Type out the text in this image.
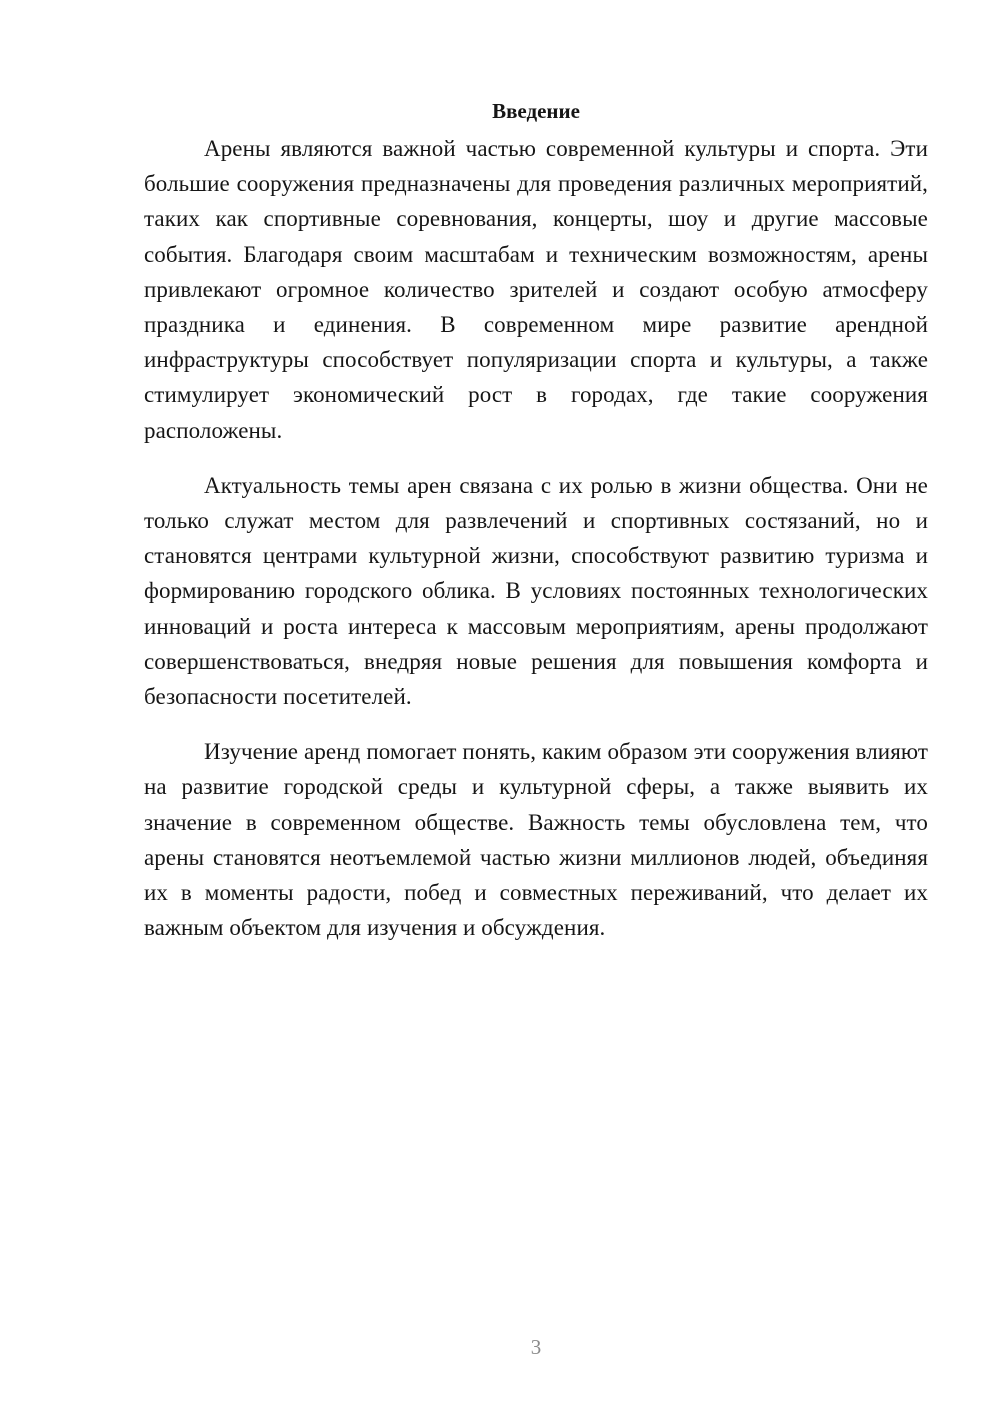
Введение

Арены являются важной частью современной культуры и спорта. Эти большие сооружения предназначены для проведения различных мероприятий, таких как спортивные соревнования, концерты, шоу и другие массовые события. Благодаря своим масштабам и техническим возможностям, арены привлекают огромное количество зрителей и создают особую атмосферу праздника и единения. В современном мире развитие арендной инфраструктуры способствует популяризации спорта и культуры, а также стимулирует экономический рост в городах, где такие сооружения расположены.

Актуальность темы арен связана с их ролью в жизни общества. Они не только служат местом для развлечений и спортивных состязаний, но и становятся центрами культурной жизни, способствуют развитию туризма и формированию городского облика. В условиях постоянных технологических инноваций и роста интереса к массовым мероприятиям, арены продолжают совершенствоваться, внедряя новые решения для повышения комфорта и безопасности посетителей.

Изучение аренд помогает понять, каким образом эти сооружения влияют на развитие городской среды и культурной сферы, а также выявить их значение в современном обществе. Важность темы обусловлена тем, что арены становятся неотъемлемой частью жизни миллионов людей, объединяя их в моменты радости, побед и совместных переживаний, что делает их важным объектом для изучения и обсуждения.

3
